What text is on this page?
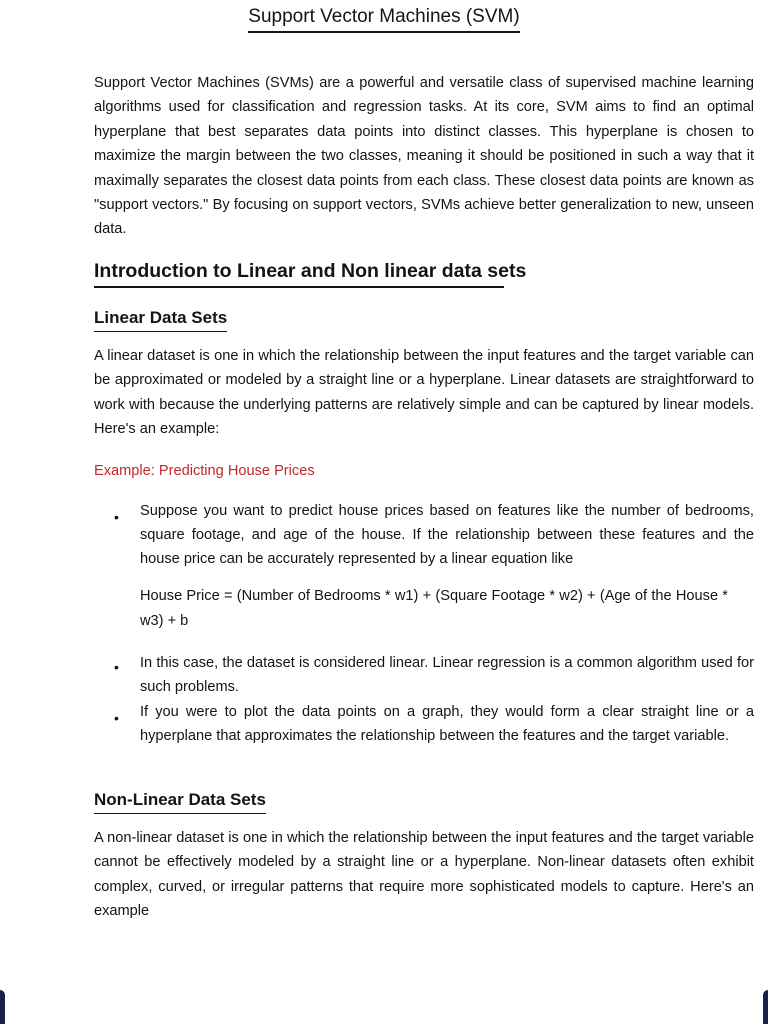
Support Vector Machines (SVM)

Support Vector Machines (SVMs) are a powerful and versatile class of supervised machine learning algorithms used for classification and regression tasks. At its core, SVM aims to find an optimal hyperplane that best separates data points into distinct classes. This hyperplane is chosen to maximize the margin between the two classes, meaning it should be positioned in such a way that it maximally separates the closest data points from each class. These closest data points are known as "support vectors." By focusing on support vectors, SVMs achieve better generalization to new, unseen data.

Introduction to Linear and Non linear data sets
Linear Data Sets

A linear dataset is one in which the relationship between the input features and the target variable can be approximated or modeled by a straight line or a hyperplane. Linear datasets are straightforward to work with because the underlying patterns are relatively simple and can be captured by linear models. Here's an example:

Example: Predicting House Prices

•	Suppose you want to predict house prices based on features like the number of bedrooms, square footage, and age of the house. If the relationship between these features and the house price can be accurately represented by a linear equation like

House Price = (Number of Bedrooms * w1) + (Square Footage * w2) + (Age of the House * w3) + b

•	In this case, the dataset is considered linear. Linear regression is a common algorithm used for such problems.

•	If you were to plot the data points on a graph, they would form a clear straight line or a hyperplane that approximates the relationship between the features and the target variable.

Non-Linear Data Sets

A non-linear dataset is one in which the relationship between the input features and the target variable cannot be effectively modeled by a straight line or a hyperplane. Non-linear datasets often exhibit complex, curved, or irregular patterns that require more sophisticated models to capture. Here's an example
